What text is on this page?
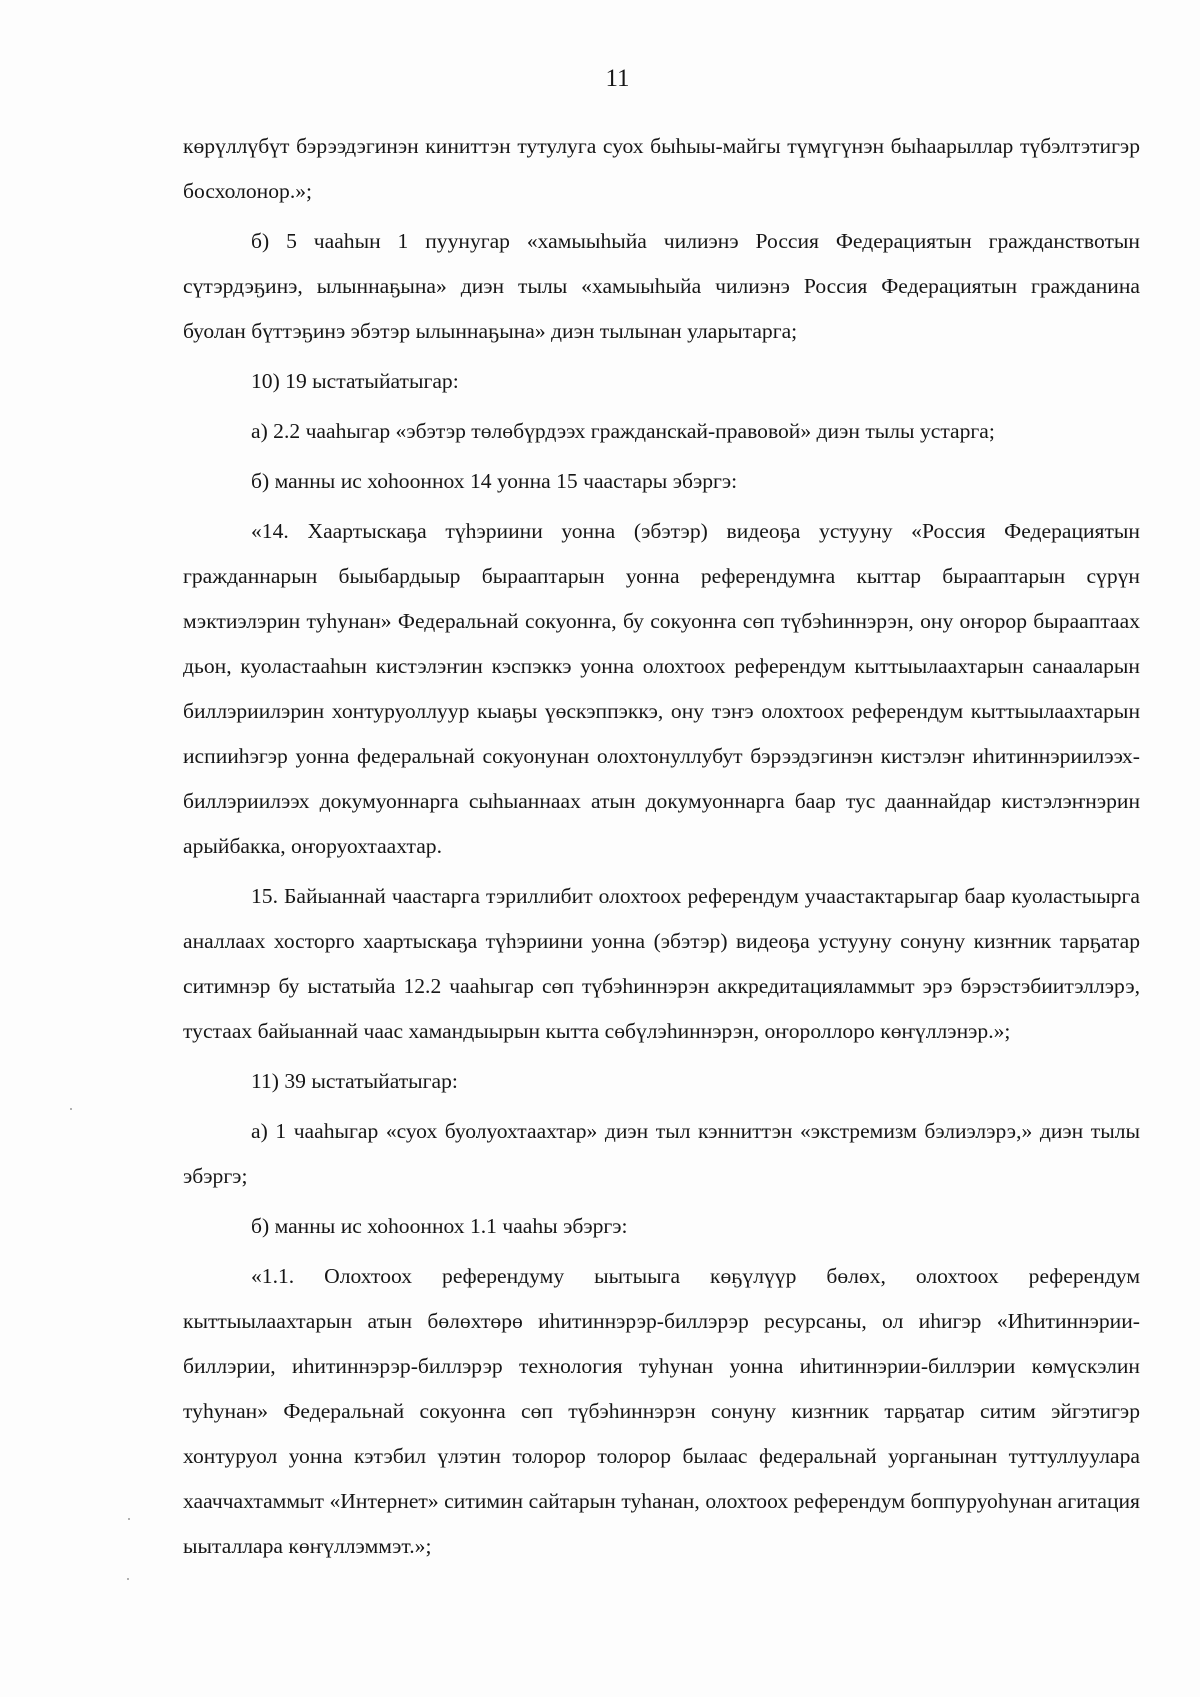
11

көрүллүбүт бэрээдэгинэн киниттэн тутулуга суох быһыы-майгы түмүгүнэн быһаарыллар түбэлтэтигэр босхолонор.»;

б) 5 чааһын 1 пуунугар «хамыыһыйа чилиэнэ Россия Федерациятын гражданствотын сүтэрдэҕинэ, ылыннаҕына» диэн тылы «хамыыһыйа чилиэнэ Россия Федерациятын гражданина буолан бүттэҕинэ эбэтэр ылыннаҕына» диэн тылынан уларытарга;

10) 19 ыстатыйатыгар:

а) 2.2 чааһыгар «эбэтэр төлөбүрдээх гражданскай-правовой» диэн тылы устарга;

б) манны ис хоһооннох 14 уонна 15 чаастары эбэргэ:

«14. Хаартыскаҕа түһэриини уонна (эбэтэр) видеоҕа устууну «Россия Федерациятын гражданнарын быыбардыыр бырааптарын уонна референдумҥа кыттар бырааптарын сүрүн мэктиэлэрин туһунан» Федеральнай сокуонҥа, бу сокуонҥа сөп түбэһиннэрэн, ону оҥорор быраaптаах дьон, куоластааһын кистэлэҥин кэспэккэ уонна олохтоох референдум кыттыылаахтарын санааларын биллэриилэрин хонтуруоллуур кыаҕы үөскэппэккэ, ону тэҥэ олохтоох референдум кыттыылаахтарын испииһэгэр уонна федеральнай сокуонунан олохтонуллубут бэрээдэгинэн кистэлэҥ иһитиннэриилээх-биллэриилээх докумуоннарга сыһыаннаах атын докумуоннарга баар тус дааннайдар кистэлэҥнэрин арыйбакка, оҥоруохтаахтар.

15. Байыаннай чаастарга тэриллибит олохтоох референдум учаастактарыгар баар куоластыырга аналлаах хосторго хаартыскаҕа түһэриини уонна (эбэтэр) видеоҕа устууну сонуну кизҥник тарҕатар ситимнэр бу ыстатыйа 12.2 чааһыгар сөп түбэһиннэрэн аккредитацияламмыт эрэ бэрэстэбиитэллэрэ, тустаах байыаннай чаас хамандыырын кытта сөбүлэһиннэрэн, оҥороллоро көҥүллэнэр.»;

11) 39 ыстатыйатыгар:

а) 1 чааһыгар «суох буолуохтаахтар» диэн тыл кэнниттэн «экстремизм бэлиэлэрэ,» диэн тылы эбэргэ;

б) манны ис хоһооннох 1.1 чааһы эбэргэ:

«1.1. Олохтоох референдуму ыытыыга көҕүлүүр бөлөх, олохтоох референдум кыттыылаахтарын атын бөлөхтөрө иһитиннэрэр-биллэрэр ресурсаны, ол иһигэр «Иһитиннэрии-биллэрии, иһитиннэрэр-биллэрэр технология туһунан уонна иһитиннэрии-биллэрии көмүскэлин туһунан» Федеральнай сокуонҥа сөп түбэһиннэрэн сонуну кизҥник тарҕатар ситим эйгэтигэр хонтуруол уонна кэтэбил үлэтин толорор толорор былаас федеральнай уорганынан туттуллуулара хааччахтаммыт «Интернет» ситимин сайтарын туһанан, олохтоох референдум боппуруоһунан агитация ыыталлара көҥүллэммэт.»;
